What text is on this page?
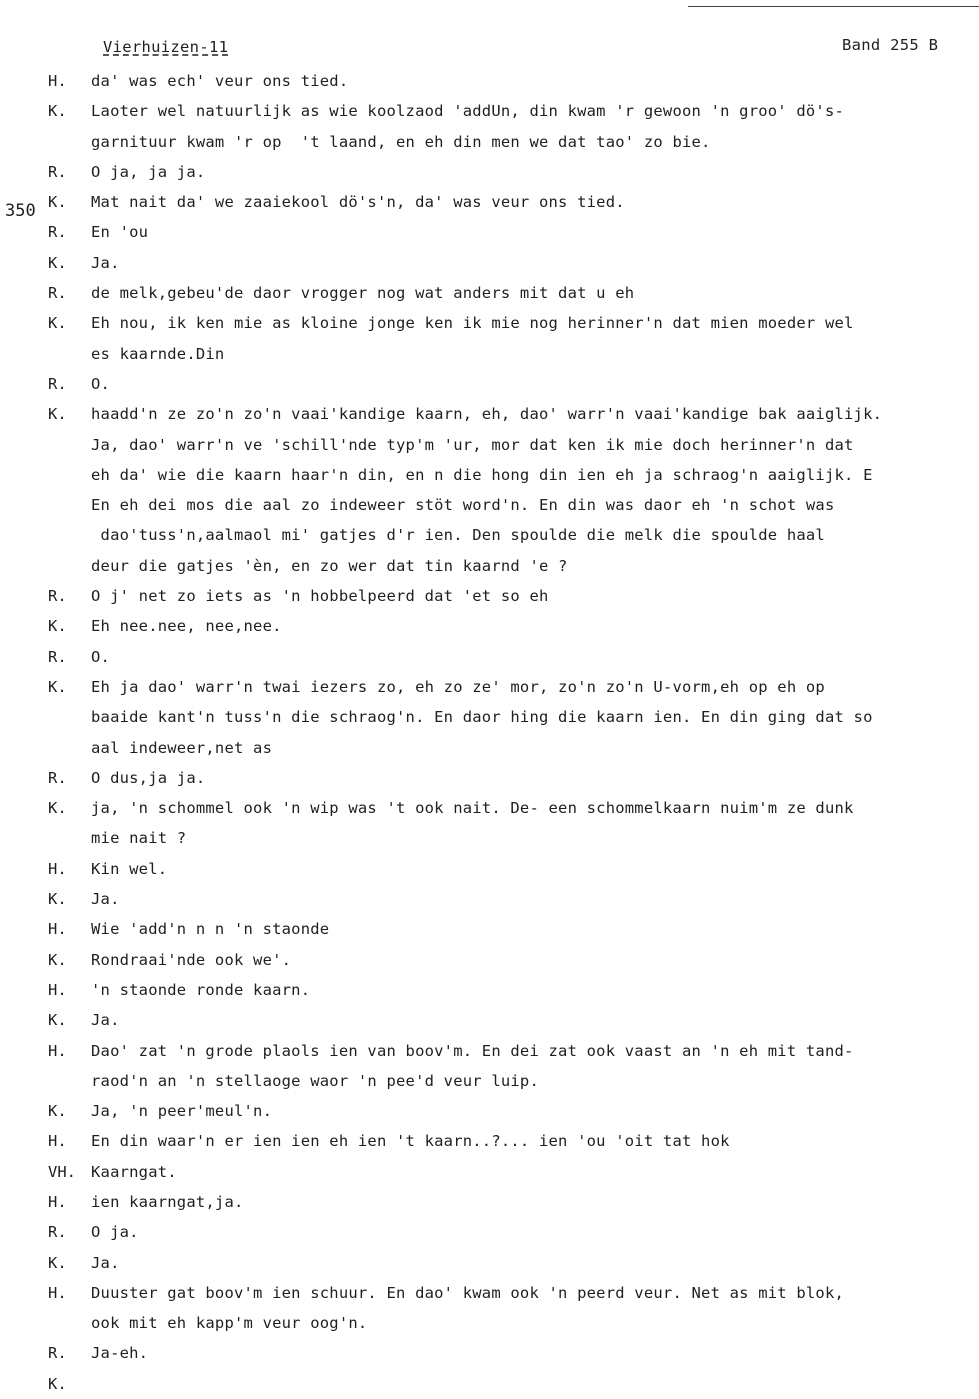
Vierhuizen-11	Band 255 B
350
H. da' was ech' veur ons tied.
K. Laoter wel natuurlijk as wie koolzaod 'addUn, din kwam 'r gewoon 'n groo' dö's-
garnituur kwam 'r op  't laand, en eh din men we dat tao' zo bie.
R. O ja, ja ja.
K. Mat nait da' we zaaiekool dö's'n, da' was veur ons tied.
R. En 'ou
K. Ja.
R. de melk,gebeu'de daor vrogger nog wat anders mit dat u eh
K. Eh nou, ik ken mie as kloine jonge ken ik mie nog herinner'n dat mien moeder wel
es kaarnde.Din
R. O.
K. haadd'n ze zo'n zo'n vaai'kandige kaarn, eh, dao' warr'n vaai'kandige bak aaiglijk.
Ja, dao' warr'n ve 'schill'nde typ'm 'ur, mor dat ken ik mie doch herinner'n dat
eh da' wie die kaarn haar'n din, en n die hong din ien eh ja schraog'n aaiglijk. E
En eh dei mos die aal zo indeweer stöt word'n. En din was daor eh 'n schot was
dao'tuss'n,aalmaol mi' gatjes d'r ien. Den spoulde die melk die spoulde haal
deur die gatjes 'èn, en zo wer dat tin kaarnd 'e ?
R. O j' net zo iets as 'n hobbelpeerd dat 'et so eh
K. Eh nee.nee, nee,nee.
R. O.
K. Eh ja dao' warr'n twai iezers zo, eh zo ze' mor, zo'n zo'n U-vorm,eh op eh op
baaide kant'n tuss'n die schraog'n. En daor hing die kaarn ien. En din ging dat so
aal indeweer,net as
R. O dus,ja ja.
K. ja, 'n schommel ook 'n wip was 't ook nait. De- een schommelkaarn nuim'm ze dunk
mie nait ?
H. Kin wel.
K. Ja.
H. Wie 'add'n n n 'n staonde
K. Rondraai'nde ook we'.
H. 'n staonde ronde kaarn.
K. Ja.
H. Dao' zat 'n grode plaols ien van boov'm. En dei zat ook vaast an 'n eh mit tand-
raod'n an 'n stellaoge waor 'n pee'd veur luip.
K. Ja, 'n peer'meul'n.
H. En din waar'n er ien ien eh ien 't kaarn..?... ien 'ou 'oit tat hok
VH. Kaarngat.
H. ien kaarngat,ja.
R. O ja.
K. Ja.
H. Duuster gat boov'm ien schuur. En dao' kwam ook 'n peerd veur. Net as mit blok,
ook mit eh kapp'm veur oog'n.
R. Ja-eh.
K.
